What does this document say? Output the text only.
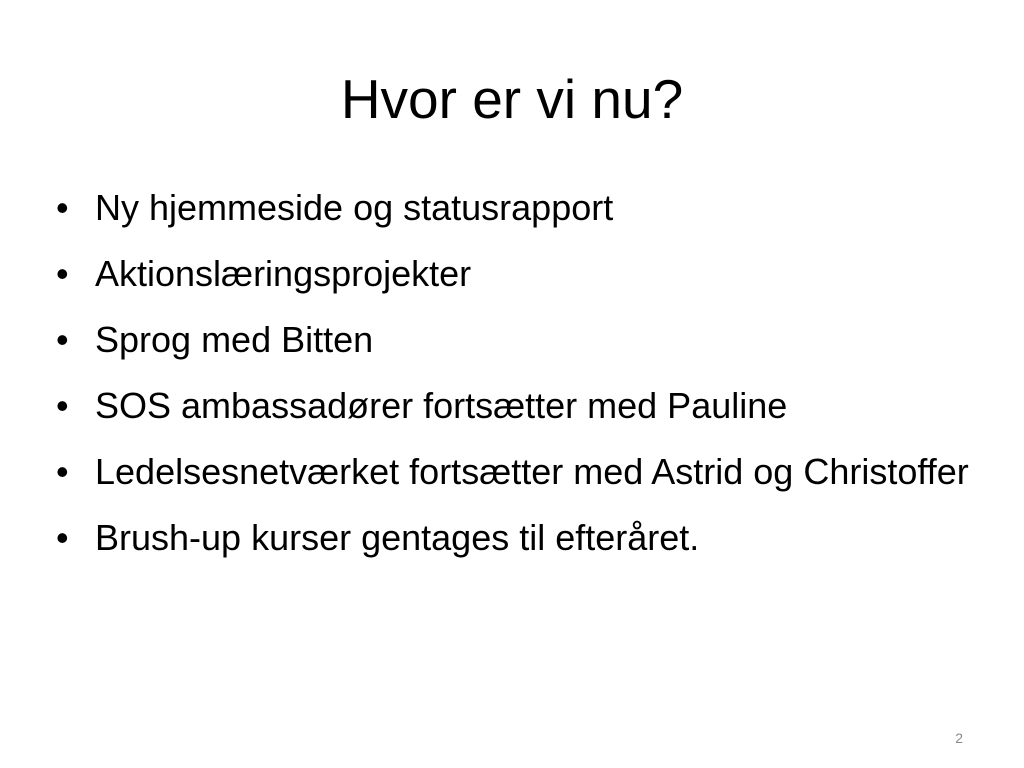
Hvor er vi nu?
• Ny hjemmeside og statusrapport
• Aktionslæringsprojekter
• Sprog med Bitten
• SOS ambassadører fortsætter med Pauline
• Ledelsesnetværket fortsætter med Astrid og Christoffer
• Brush-up kurser gentages til efteråret.
2
